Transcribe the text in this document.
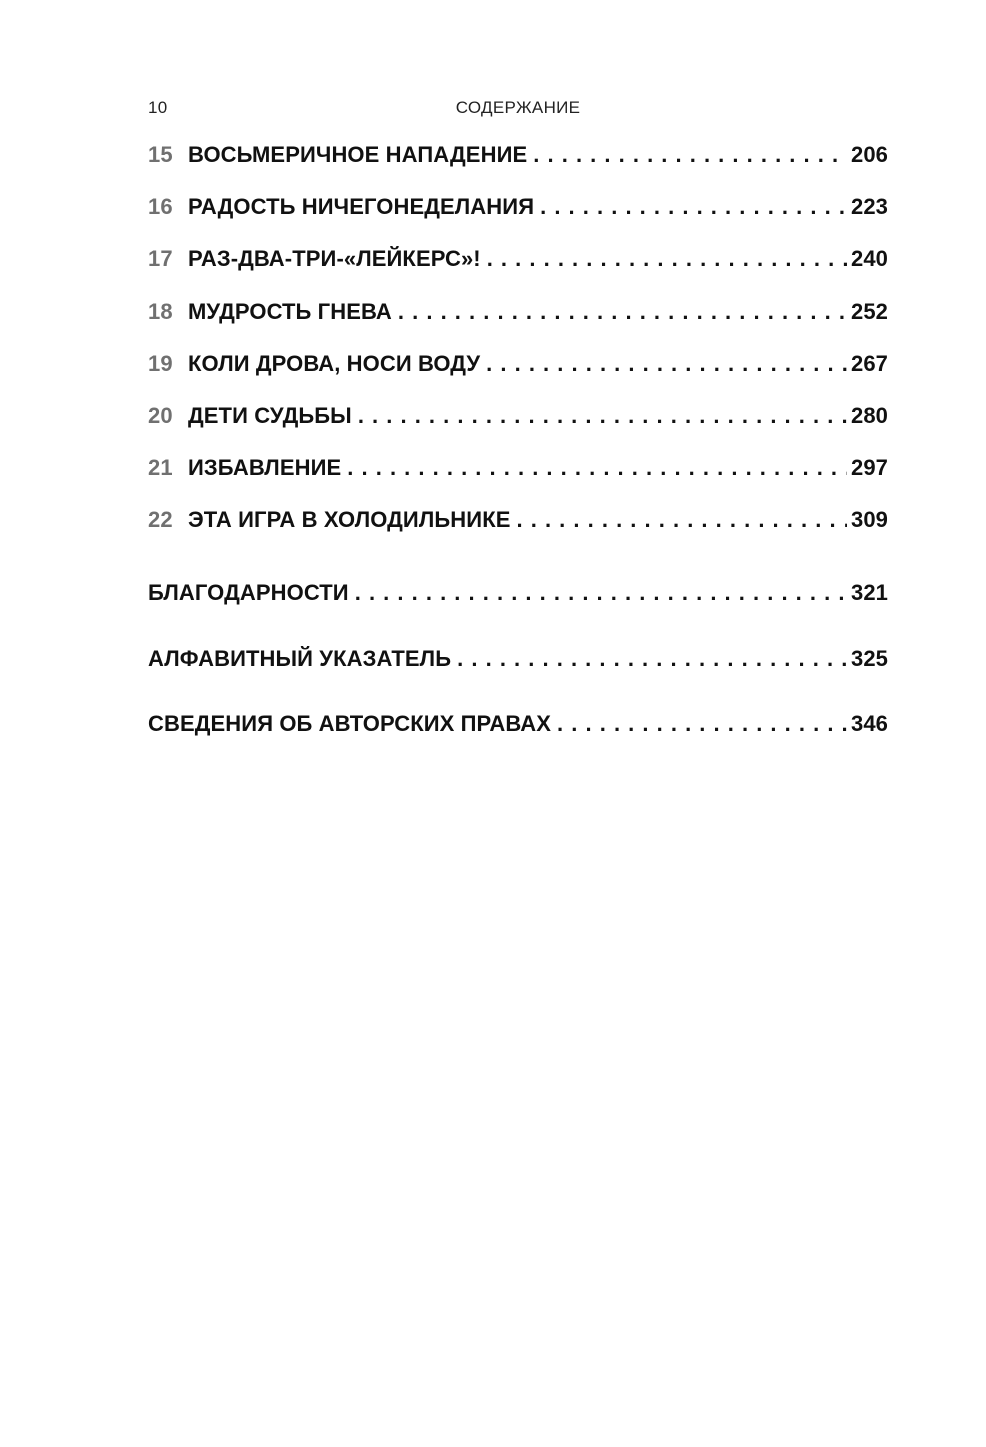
10	СОДЕРЖАНИЕ
15 ВОСЬМЕРИЧНОЕ НАПАДЕНИЕ . . .	206
16 РАДОСТЬ НИЧЕГОНЕДЕЛАНИЯ . . .	223
17 РАЗ-ДВА-ТРИ-«ЛЕЙКЕРС»! . . .	240
18 МУДРОСТЬ ГНЕВА . . .	252
19 КОЛИ ДРОВА, НОСИ ВОДУ . . .	267
20 ДЕТИ СУДЬБЫ . . .	280
21 ИЗБАВЛЕНИЕ . . .	297
22 ЭТА ИГРА В ХОЛОДИЛЬНИКЕ . . .	309
БЛАГОДАРНОСТИ . . .	321
АЛФАВИТНЫЙ УКАЗАТЕЛЬ . . .	325
СВЕДЕНИЯ ОБ АВТОРСКИХ ПРАВАХ . . .	346
